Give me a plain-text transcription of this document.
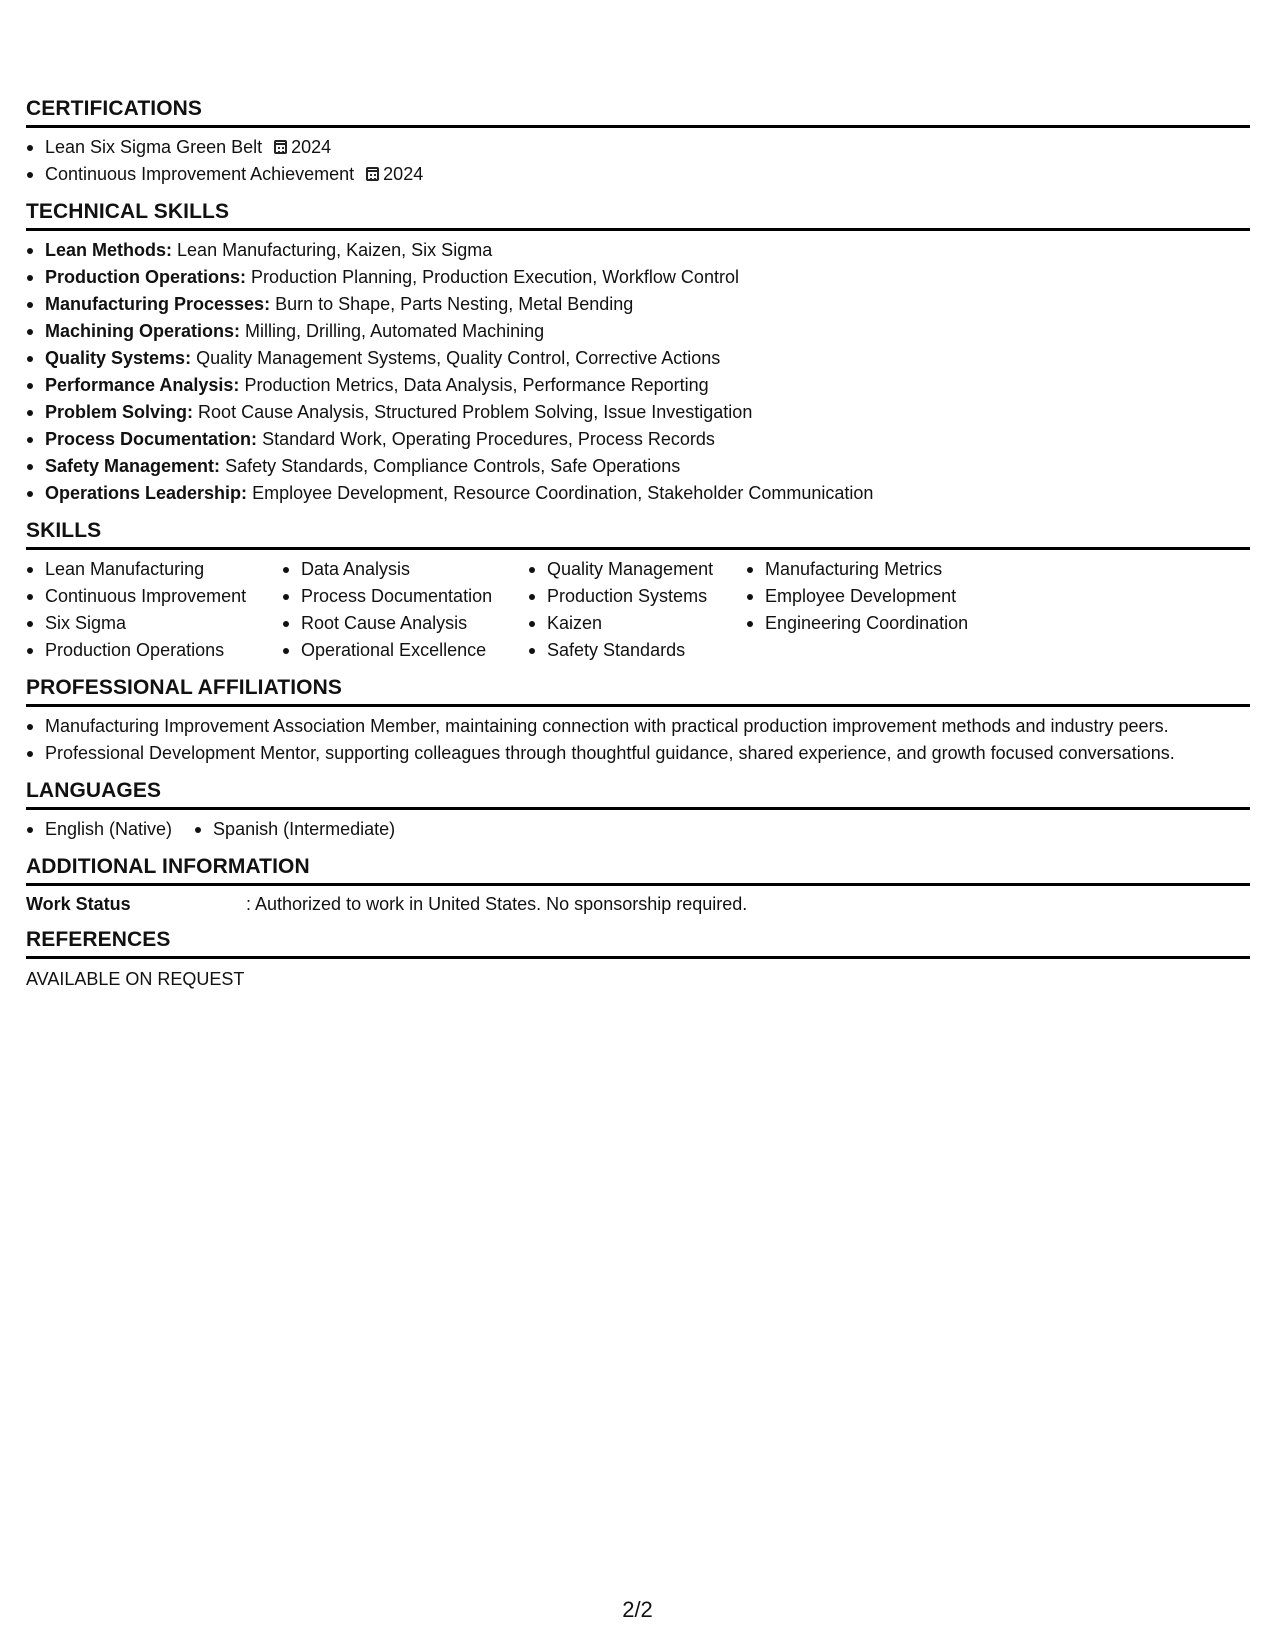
CERTIFICATIONS
Lean Six Sigma Green Belt 2024
Continuous Improvement Achievement 2024
TECHNICAL SKILLS
Lean Methods: Lean Manufacturing, Kaizen, Six Sigma
Production Operations: Production Planning, Production Execution, Workflow Control
Manufacturing Processes: Burn to Shape, Parts Nesting, Metal Bending
Machining Operations: Milling, Drilling, Automated Machining
Quality Systems: Quality Management Systems, Quality Control, Corrective Actions
Performance Analysis: Production Metrics, Data Analysis, Performance Reporting
Problem Solving: Root Cause Analysis, Structured Problem Solving, Issue Investigation
Process Documentation: Standard Work, Operating Procedures, Process Records
Safety Management: Safety Standards, Compliance Controls, Safe Operations
Operations Leadership: Employee Development, Resource Coordination, Stakeholder Communication
SKILLS
Lean Manufacturing
Continuous Improvement
Six Sigma
Production Operations
Data Analysis
Process Documentation
Root Cause Analysis
Operational Excellence
Quality Management
Production Systems
Kaizen
Safety Standards
Manufacturing Metrics
Employee Development
Engineering Coordination
PROFESSIONAL AFFILIATIONS
Manufacturing Improvement Association Member, maintaining connection with practical production improvement methods and industry peers.
Professional Development Mentor, supporting colleagues through thoughtful guidance, shared experience, and growth focused conversations.
LANGUAGES
English (Native)	Spanish (Intermediate)
ADDITIONAL INFORMATION
Work Status	: Authorized to work in United States. No sponsorship required.
REFERENCES
AVAILABLE ON REQUEST
2/2
